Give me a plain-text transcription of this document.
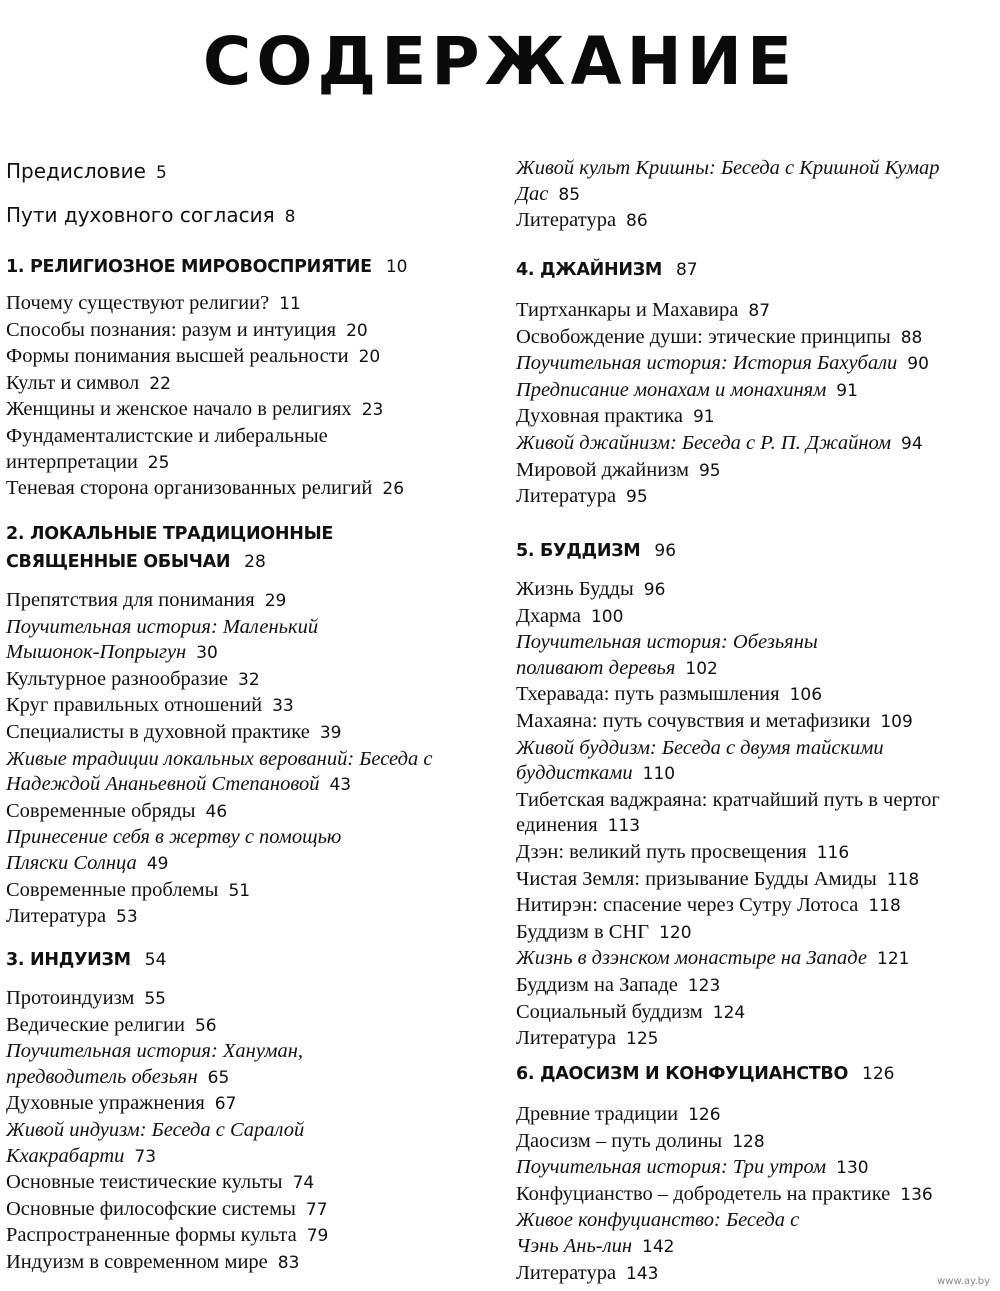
СОДЕРЖАНИЕ
Предисловие 5
Пути духовного согласия 8
1. РЕЛИГИОЗНОЕ МИРОВОСПРИЯТИЕ 10
Почему существуют религии? 11
Способы познания: разум и интуиция 20
Формы понимания высшей реальности 20
Культ и символ 22
Женщины и женское начало в религиях 23
Фундаменталистские и либеральные интерпретации 25
Теневая сторона организованных религий 26
2. ЛОКАЛЬНЫЕ ТРАДИЦИОННЫЕ
СВЯЩЕННЫЕ ОБЫЧАИ 28
Препятствия для понимания 29
Поучительная история: Маленький Мышонок-Попрыгун 30
Культурное разнообразие 32
Круг правильных отношений 33
Специалисты в духовной практике 39
Живые традиции локальных верований: Беседа с Надеждой Ананьевной Степановой 43
Современные обряды 46
Принесение себя в жертву с помощью Пляски Солнца 49
Современные проблемы 51
Литература 53
3. ИНДУИЗМ 54
Протоиндуизм 55
Ведические религии 56
Поучительная история: Хануман, предводитель обезьян 65
Духовные упражнения 67
Живой индуизм: Беседа с Саралой Кхакрабарти 73
Основные теистические культы 74
Основные философские системы 77
Распространенные формы культа 79
Индуизм в современном мире 83
Живой культ Кришны: Беседа с Кришной Кумар Дас 85
Литература 86
4. ДЖАЙНИЗМ 87
Тиртханкары и Махавира 87
Освобождение души: этические принципы 88
Поучительная история: История Бахубали 90
Предписание монахам и монахиням 91
Духовная практика 91
Живой джайнизм: Беседа с Р. П. Джайном 94
Мировой джайнизм 95
Литература 95
5. БУДДИЗМ 96
Жизнь Будды 96
Дхарма 100
Поучительная история: Обезьяны поливают деревья 102
Тхеравада: путь размышления 106
Махаяна: путь сочувствия и метафизики 109
Живой буддизм: Беседа с двумя тайскими буддистками 110
Тибетская ваджраяна: кратчайший путь в чертог единения 113
Дзэн: великий путь просвещения 116
Чистая Земля: призывание Будды Амиды 118
Нитирэн: спасение через Сутру Лотоса 118
Буддизм в СНГ 120
Жизнь в дзэнском монастыре на Западе 121
Буддизм на Западе 123
Социальный буддизм 124
Литература 125
6. ДАОСИЗМ И КОНФУЦИАНСТВО 126
Древние традиции 126
Даосизм – путь долины 128
Поучительная история: Три утром 130
Конфуцианство – добродетель на практике 136
Живое конфуцианство: Беседа с Чэнь Ань-лин 142
Литература 143	www.ay.by
